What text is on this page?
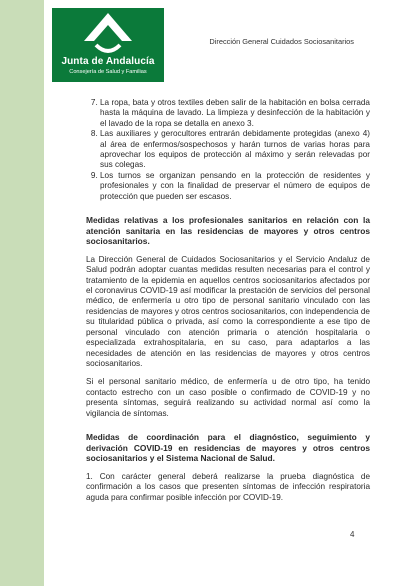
Junta de Andalucía
Consejería de Salud y Familias
Dirección General Cuidados Sociosanitarios
7. La ropa, bata y otros textiles deben salir de la habitación en bolsa cerrada hasta la máquina de lavado. La limpieza y desinfección de la habitación y el lavado de la ropa se detalla en anexo 3.
8. Las auxiliares y gerocultores entrarán debidamente protegidas (anexo 4) al área de enfermos/sospechosos y harán turnos de varias horas para aprovechar los equipos de protección al máximo y serán relevadas por sus colegas.
9. Los turnos se organizan pensando en la protección de residentes y profesionales y con la finalidad de preservar el número de equipos de protección que pueden ser escasos.
Medidas relativas a los profesionales sanitarios en relación con la atención sanitaria en las residencias de mayores y otros centros sociosanitarios.

La Dirección General de Cuidados Sociosanitarios y el Servicio Andaluz de Salud podrán adoptar cuantas medidas resulten necesarias para el control y tratamiento de la epidemia en aquellos centros sociosanitarios afectados por el coronavirus COVID-19 así modificar la prestación de servicios del personal médico, de enfermería u otro tipo de personal sanitario vinculado con las residencias de mayores y otros centros sociosanitarios, con independencia de su titularidad pública o privada, así como la correspondiente a ese tipo de personal vinculado con atención primaria o atención hospitalaria o especializada extrahospitalaria, en su caso, para adaptarlos a las necesidades de atención en las residencias de mayores y otros centros sociosanitarios.

Si el personal sanitario médico, de enfermería u de otro tipo, ha tenido contacto estrecho con un caso posible o confirmado de COVID-19 y no presenta síntomas, seguirá realizando su actividad normal así como la vigilancia de síntomas.

Medidas de coordinación para el diagnóstico, seguimiento y derivación COVID-19 en residencias de mayores y otros centros sociosanitarios y el Sistema Nacional de Salud.

1. Con carácter general deberá realizarse la prueba diagnóstica de confirmación a los casos que presenten síntomas de infección respiratoria aguda para confirmar posible infección por COVID-19.

4
